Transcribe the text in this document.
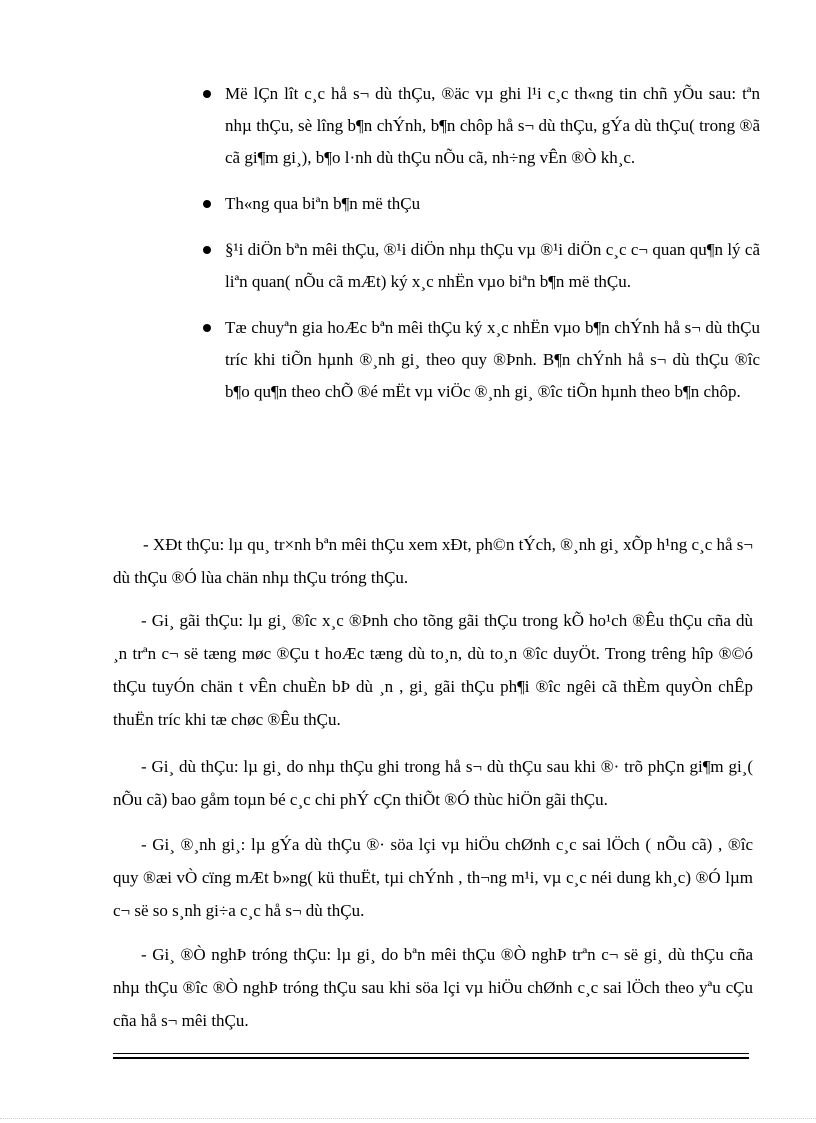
Më lÇn lît c¸c hå s¬ dù thÇu, ®äc vµ ghi l¹i c¸c th«ng tin chñ yÕu sau: tªn nhµ thÇu, sè lîng b¶n chÝnh, b¶n chôp hå s¬ dù thÇu, gÝa dù thÇu( trong ®ã cã gi¶m gi¸), b¶o l·nh dù thÇu nÕu cã, nh÷ng vÊn ®Ò kh¸c.
Th«ng qua biªn b¶n më thÇu
§¹i diÖn bªn mêi thÇu, ®¹i diÖn nhµ thÇu vµ ®¹i diÖn c¸c c¬ quan qu¶n lý cã liªn quan( nÕu cã mÆt) ký x¸c nhËn vµo biªn b¶n më thÇu.
Tæ chuyªn gia hoÆc bªn mêi thÇu ký x¸c nhËn vµo b¶n chÝnh hå s¬ dù thÇu tríc khi tiÕn hµnh ®¸nh gi¸ theo quy ®Þnh. B¶n chÝnh hå s¬ dù thÇu ®îc b¶o qu¶n theo chÕ ®é mËt vµ viÖc ®¸nh gi¸ ®îc tiÕn hµnh theo b¶n chôp.

- XÐt thÇu: lµ qu¸ tr×nh bªn mêi thÇu xem xÐt, ph©n tÝch, ®¸nh gi¸ xÕp h¹ng c¸c hå s¬ dù thÇu ®Ó lùa chän nhµ thÇu tróng thÇu.

- Gi¸ gãi thÇu: lµ gi¸ ®îc x¸c ®Þnh cho tõng gãi thÇu trong kÕ ho¹ch ®Êu thÇu cña dù ¸n trªn c¬ së tæng møc ®Çu t hoÆc tæng dù to¸n, dù to¸n ®îc duyÖt. Trong trêng hîp ®©ó thÇu tuyÓn chän t vÊn chuÈn bÞ dù ¸n , gi¸ gãi thÇu ph¶i ®îc ngêi cã thÈm quyÒn chÊp thuËn tríc khi tæ chøc ®Êu thÇu.

- Gi¸ dù thÇu: lµ gi¸ do nhµ thÇu ghi trong hå s¬ dù thÇu sau khi ®· trõ phÇn gi¶m gi¸( nÕu cã) bao gåm toµn bé c¸c chi phÝ cÇn thiÕt ®Ó thùc hiÖn gãi thÇu.

- Gi¸ ®¸nh gi¸: lµ gÝa dù thÇu ®· söa lçi vµ hiÖu chØnh c¸c sai lÖch ( nÕu cã) , ®îc quy ®æi vÒ cïng mÆt b»ng( kü thuËt, tµi chÝnh , th¬ng m¹i, vµ c¸c néi dung kh¸c) ®Ó lµm c¬ së so s¸nh gi÷a c¸c hå s¬ dù thÇu.

- Gi¸ ®Ò nghÞ tróng thÇu: lµ gi¸ do bªn mêi thÇu ®Ò nghÞ trªn c¬ së gi¸ dù thÇu cña nhµ thÇu ®îc ®Ò nghÞ tróng thÇu sau khi söa lçi vµ hiÖu chØnh c¸c sai lÖch theo yªu cÇu cña hå s¬ mêi thÇu.
